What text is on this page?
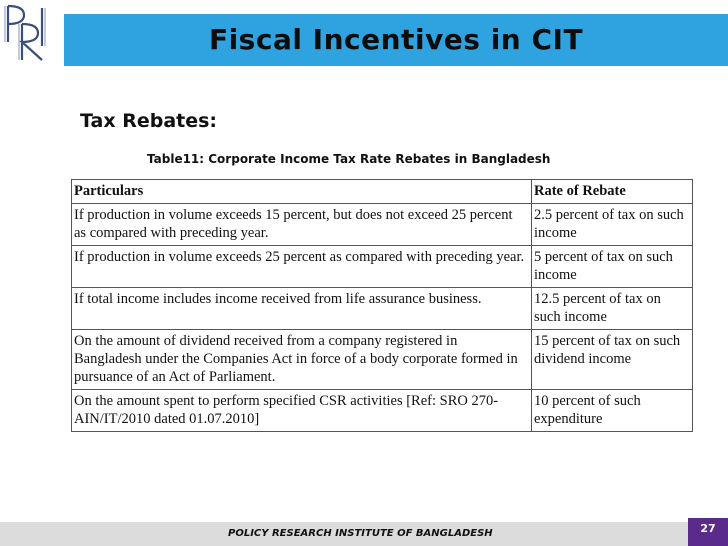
Fiscal Incentives in CIT
Tax Rebates:
Table11: Corporate Income Tax Rate Rebates in Bangladesh
Particulars	Rate of Rebate
If production in volume exceeds 15 percent, but does not exceed 25 percent as compared with preceding year.	2.5 percent of tax on such income
If production in volume exceeds 25 percent as compared with preceding year.	5 percent of tax on such income
If total income includes income received from life assurance business.	12.5 percent of tax on such income
On the amount of dividend received from a company registered in Bangladesh under the Companies Act in force of a body corporate formed in pursuance of an Act of Parliament.	15 percent of tax on such dividend income
On the amount spent to perform specified CSR activities [Ref: SRO 270-AIN/IT/2010 dated 01.07.2010]	10 percent of such expenditure
POLICY RESEARCH INSTITUTE OF BANGLADESH	27
